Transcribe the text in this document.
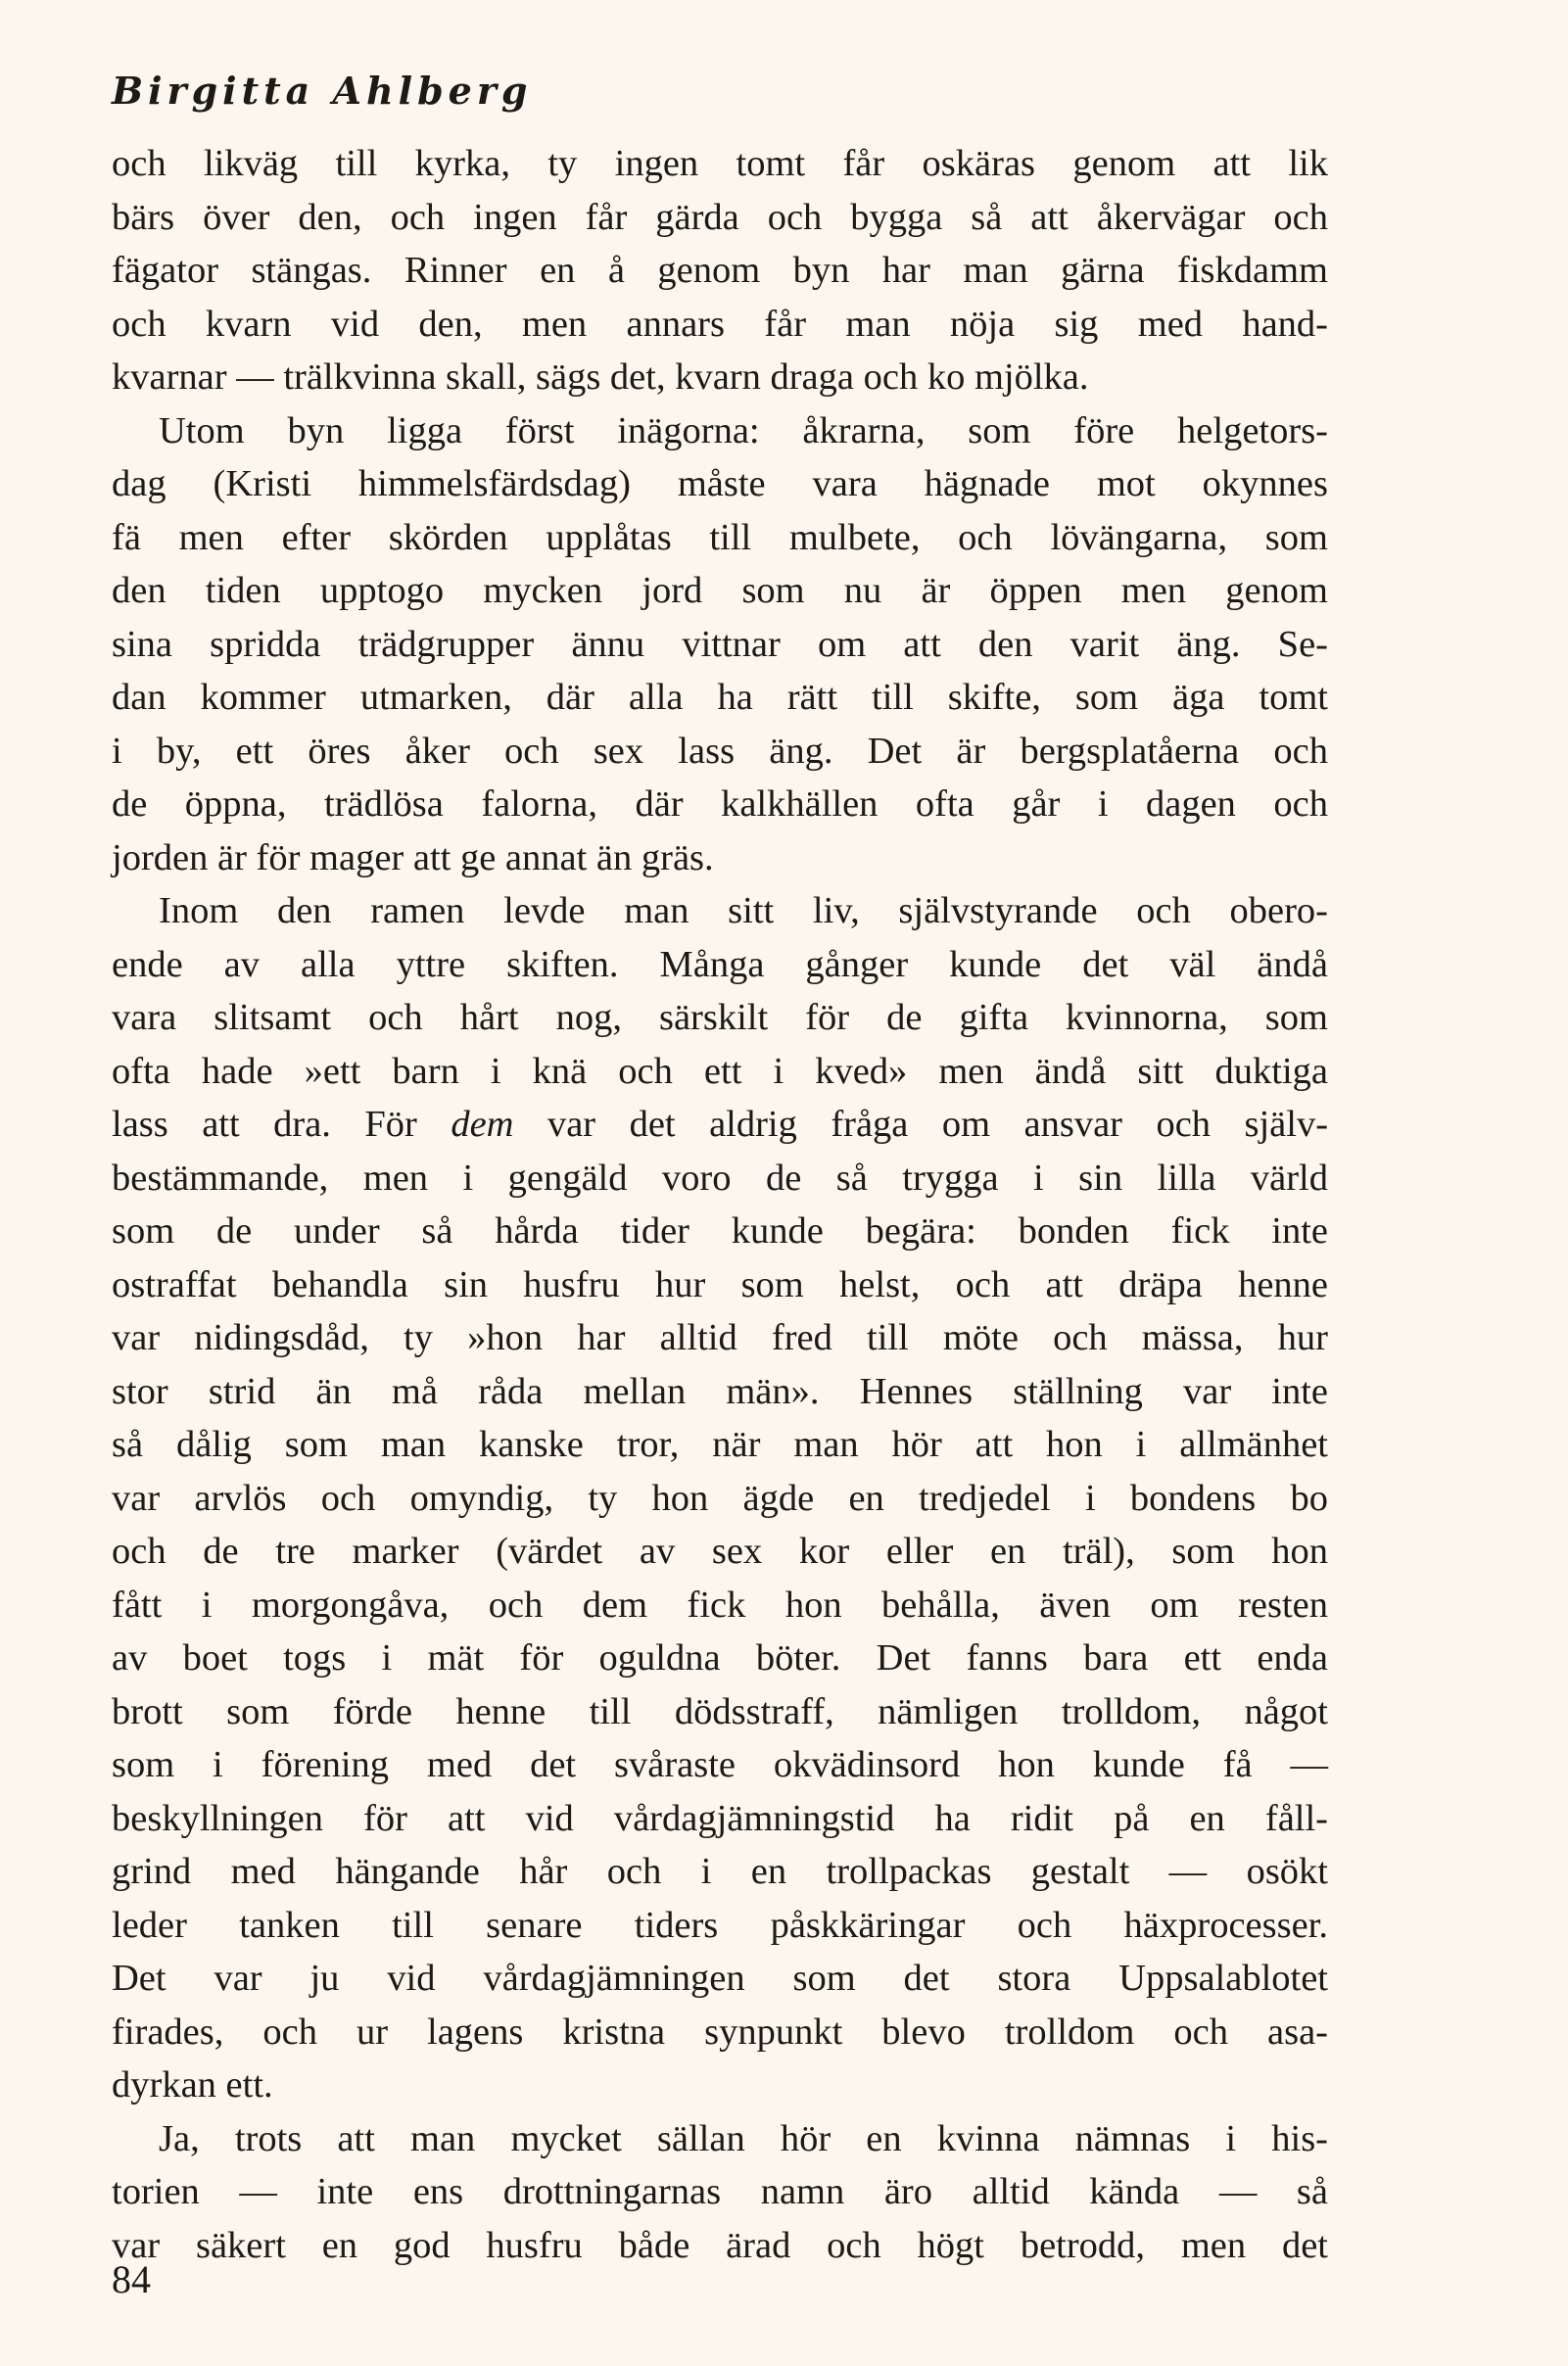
Birgitta Ahlberg
och likväg till kyrka, ty ingen tomt får oskäras genom att lik
bärs över den, och ingen får gärda och bygga så att åkervägar och
fägator stängas. Rinner en å genom byn har man gärna fiskdamm
och kvarn vid den, men annars får man nöja sig med hand-
kvarnar — trälkvinna skall, sägs det, kvarn draga och ko mjölka.
Utom byn ligga först inägorna: åkrarna, som före helgetors-
dag (Kristi himmelsfärdsdag) måste vara hägnade mot okynnes
fä men efter skörden upplåtas till mulbete, och lövängarna, som
den tiden upptogo mycken jord som nu är öppen men genom
sina spridda trädgrupper ännu vittnar om att den varit äng. Se-
dan kommer utmarken, där alla ha rätt till skifte, som äga tomt
i by, ett öres åker och sex lass äng. Det är bergsplatåerna och
de öppna, trädlösa falorna, där kalkhällen ofta går i dagen och
jorden är för mager att ge annat än gräs.
Inom den ramen levde man sitt liv, självstyrande och obero-
ende av alla yttre skiften. Många gånger kunde det väl ändå
vara slitsamt och hårt nog, särskilt för de gifta kvinnorna, som
ofta hade »ett barn i knä och ett i kved» men ändå sitt duktiga
lass att dra. För dem var det aldrig fråga om ansvar och själv-
bestämmande, men i gengäld voro de så trygga i sin lilla värld
som de under så hårda tider kunde begära: bonden fick inte
ostraffat behandla sin husfru hur som helst, och att dräpa henne
var nidingsdåd, ty »hon har alltid fred till möte och mässa, hur
stor strid än må råda mellan män». Hennes ställning var inte
så dålig som man kanske tror, när man hör att hon i allmänhet
var arvlös och omyndig, ty hon ägde en tredjedel i bondens bo
och de tre marker (värdet av sex kor eller en träl), som hon
fått i morgongåva, och dem fick hon behålla, även om resten
av boet togs i mät för oguldna böter. Det fanns bara ett enda
brott som förde henne till dödsstraff, nämligen trolldom, något
som i förening med det svåraste okvädinsord hon kunde få —
beskyllningen för att vid vårdagjämningstid ha ridit på en fåll-
grind med hängande hår och i en trollpackas gestalt — osökt
leder tanken till senare tiders påskkäringar och häxprocesser.
Det var ju vid vårdagjämningen som det stora Uppsalablotet
firades, och ur lagens kristna synpunkt blevo trolldom och asa-
dyrkan ett.
Ja, trots att man mycket sällan hör en kvinna nämnas i his-
torien — inte ens drottningarnas namn äro alltid kända — så
var säkert en god husfru både ärad och högt betrodd, men det
84
